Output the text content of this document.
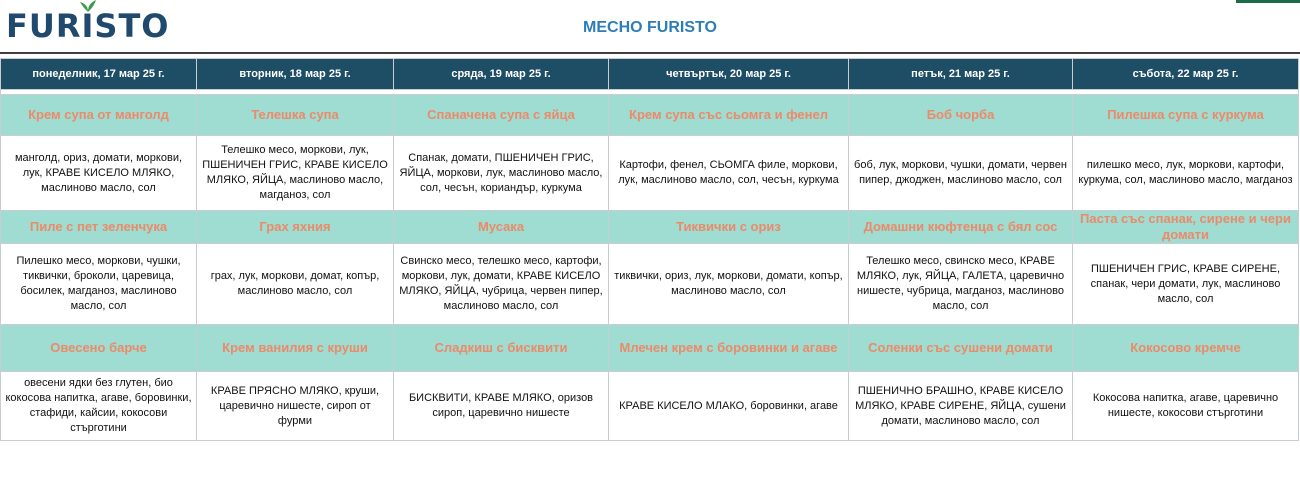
FUR I STO	МЕСНО FURISTO
понеделник, 17 мар 25 г.	вторник, 18 мар 25 г.	сряда, 19 мар 25 г.	четвъртък, 20 мар 25 г.	петък, 21 мар 25 г.	събота, 22 мар 25 г.

Крем супа от манголд	Телешка супа	Спаначена супа с яйца	Крем супа със сьомга и фенел	Боб чорба	Пилешка супа с куркума
манголд, ориз, домати, моркови, лук, КРАВЕ КИСЕЛО МЛЯКО, маслиново масло, сол	Телешко месо, моркови, лук, ПШЕНИЧЕН ГРИС, КРАВЕ КИСЕЛО МЛЯКО, ЯЙЦА, маслиново масло, магданоз, сол	Спанак, домати, ПШЕНИЧЕН ГРИС, ЯЙЦА, моркови, лук, маслиново масло, сол, чесън, кориандър, куркума	Картофи, фенел, СЬОМГА филе, моркови, лук, маслиново масло, сол, чесън, куркума	боб, лук, моркови, чушки, домати, червен пипер, джоджен, маслиново масло, сол	пилешко месо, лук, моркови, картофи, куркума, сол, маслиново масло, магданоз
Пиле с пет зеленчука	Грах яхния	Мусака	Тиквички с ориз	Домашни кюфтенца с бял сос	Паста със спанак, сирене и чери домати
Пилешко месо, моркови, чушки, тиквички, броколи, царевица, босилек, магданоз, маслиново масло, сол	грах, лук, моркови, домат, копър, маслиново масло, сол	Свинско месо, телешко месо, картофи, моркови, лук, домати, КРАВЕ КИСЕЛО МЛЯКО, ЯЙЦА, чубрица, червен пипер, маслиново масло, сол	тиквички, ориз, лук, моркови, домати, копър, маслиново масло, сол	Телешко месо, свинско месо, КРАВЕ МЛЯКО, лук, ЯЙЦА, ГАЛЕТА, царевично нишесте, чубрица, магданоз, маслиново масло, сол	ПШЕНИЧЕН ГРИС, КРАВЕ СИРЕНЕ, спанак, чери домати, лук, маслиново масло, сол
Овесено барче	Крем ванилия с круши	Сладкиш с бисквити	Млечен крем с боровинки и агаве	Соленки със сушени домати	Кокосово кремче
овесени ядки без глутен, био кокосова напитка, агаве, боровинки, стафиди, кайсии, кокосови стърготини	КРАВЕ ПРЯСНО МЛЯКО, круши, царевично нишесте, сироп от фурми	БИСКВИТИ, КРАВЕ МЛЯКО, оризов сироп, царевично нишесте	КРАВЕ КИСЕЛО МЛАКО, боровинки, агаве	ПШЕНИЧНО БРАШНО, КРАВЕ КИСЕЛО МЛЯКО, КРАВЕ СИРЕНЕ, ЯЙЦА, сушени домати, маслиново масло, сол	Кокосова напитка, агаве, царевично нишесте, кокосови стърготини
